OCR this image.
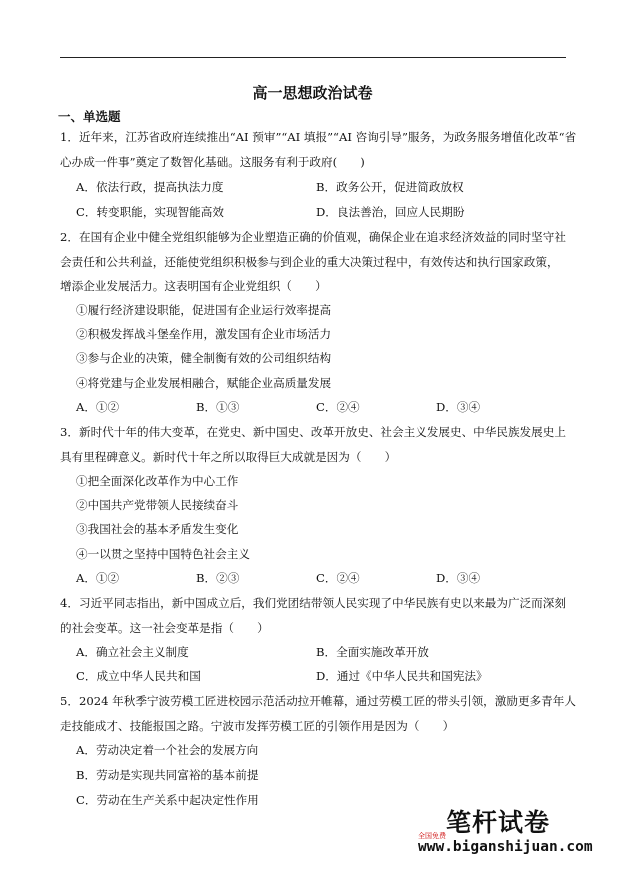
高一思想政治试卷
一、单选题
1．近年来，江苏省政府连续推出“AI 预审”“AI 填报”“AI 咨询引导”服务，为政务服务增值化改革“省
心办成一件事”奠定了数智化基础。这服务有利于政府(　　)
A．依法行政，提高执法力度	B．政务公开，促进简政放权
C．转变职能，实现智能高效	D．良法善治，回应人民期盼
2．在国有企业中健全党组织能够为企业塑造正确的价值观，确保企业在追求经济效益的同时坚守社
会责任和公共利益，还能使党组织积极参与到企业的重大决策过程中，有效传达和执行国家政策，
增添企业发展活力。这表明国有企业党组织（　　）
①履行经济建设职能，促进国有企业运行效率提高
②积极发挥战斗堡垒作用，激发国有企业市场活力
③参与企业的决策，健全制衡有效的公司组织结构
④将党建与企业发展相融合，赋能企业高质量发展
A．①②	B．①③	C．②④	D．③④
3．新时代十年的伟大变革，在党史、新中国史、改革开放史、社会主义发展史、中华民族发展史上
具有里程碑意义。新时代十年之所以取得巨大成就是因为（　　）
①把全面深化改革作为中心工作
②中国共产党带领人民接续奋斗
③我国社会的基本矛盾发生变化
④一以贯之坚持中国特色社会主义
A．①②	B．②③	C．②④	D．③④
4．习近平同志指出，新中国成立后，我们党团结带领人民实现了中华民族有史以来最为广泛而深刻
的社会变革。这一社会变革是指（　　）
A．确立社会主义制度	B．全面实施改革开放
C．成立中华人民共和国	D．通过《中华人民共和国宪法》
5．2024 年秋季宁波劳模工匠进校园示范活动拉开帷幕，通过劳模工匠的带头引领，激励更多青年人
走技能成才、技能报国之路。宁波市发挥劳模工匠的引领作用是因为（　　）
A．劳动决定着一个社会的发展方向
B．劳动是实现共同富裕的基本前提
C．劳动在生产关系中起决定性作用
笔杆试卷
全国免费
www.biganshijuan.com
